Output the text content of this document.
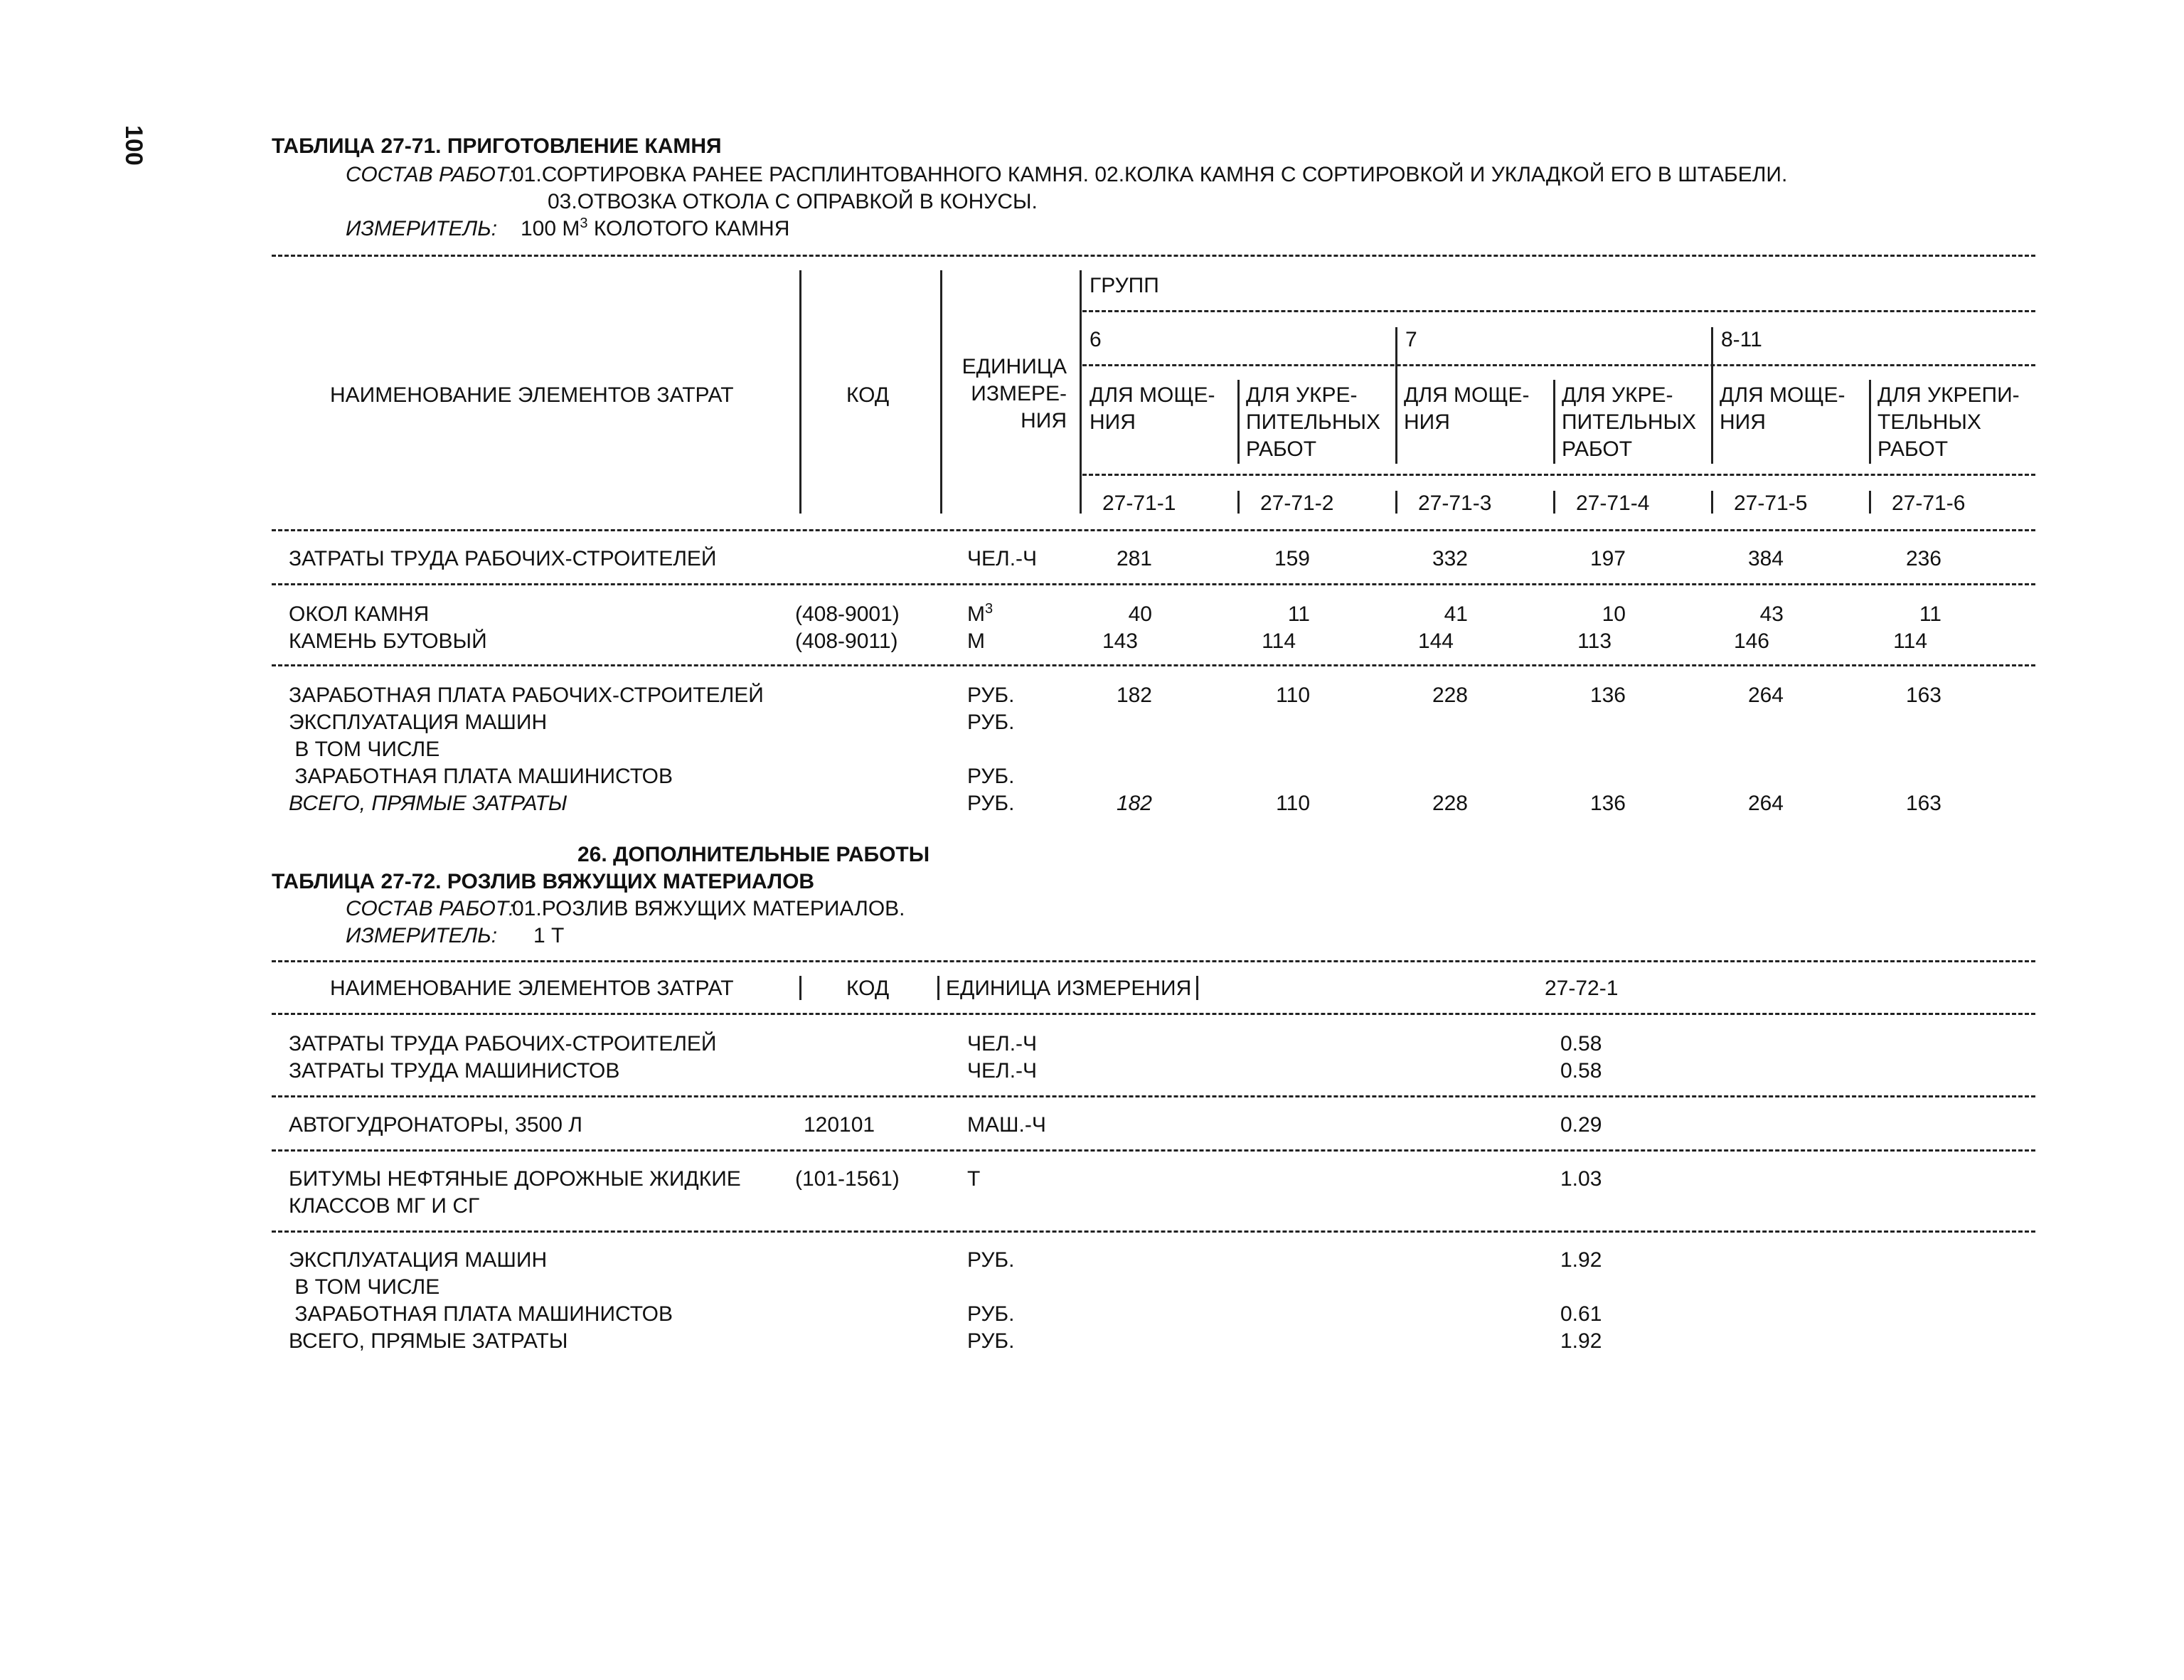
100	ТАБЛИЦА 27-71. ПРИГОТОВЛЕНИЕ КАМНЯ
СОСТАВ РАБОТ:
01.СОРТИРОВКА РАНЕЕ РАСПЛИНТОВАННОГО КАМНЯ. 02.КОЛКА КАМНЯ С СОРТИРОВКОЙ И УКЛАДКОЙ ЕГО В ШТАБЕЛИ.
03.ОТВОЗКА ОТКОЛА С ОПРАВКОЙ В КОНУСЫ.
ИЗМЕРИТЕЛЬ: 100 $М^3$ КОЛОТОГО КАМНЯ
НАИМЕНОВАНИЕ ЭЛЕМЕНТОВ ЗАТРАТ	КОД
ЕДИНИЦА
ИЗМЕРЕ-
НИЯ
ГРУПП
6	7	8-11
ДЛЯ МОЩЕ-
НИЯ
ДЛЯ УКРЕ-
ПИТЕЛЬНЫХ
РАБОТ
ДЛЯ МОЩЕ-
НИЯ
ДЛЯ УКРЕ-
ПИТЕЛЬНЫХ
РАБОТ
ДЛЯ МОЩЕ-
НИЯ
ДЛЯ УКРЕПИ-
ТЕЛЬНЫХ
РАБОТ
27-71-1	27-71-2	27-71-3	27-71-4	27-71-5	27-71-6
ЗАТРАТЫ ТРУДА РАБОЧИХ-СТРОИТЕЛЕЙ	ЧЕЛ.-Ч	281	159	332	197	384	236
ОКОЛ КАМНЯ	(408-9001)	$М^3$	40	11	41	10	43	11
КАМЕНЬ БУТОВЫЙ	(408-9011)	М	143	114	144	113	146	114
ЗАРАБОТНАЯ ПЛАТА РАБОЧИХ-СТРОИТЕЛЕЙ	РУБ.	182	110	228	136	264	163
ЭКСПЛУАТАЦИЯ МАШИН	РУБ.
В ТОМ ЧИСЛЕ
ЗАРАБОТНАЯ ПЛАТА МАШИНИСТОВ	РУБ.
ВСЕГО, ПРЯМЫЕ ЗАТРАТЫ	РУБ.	182	110	228	136	264	163
26. ДОПОЛНИТЕЛЬНЫЕ РАБОТЫ
ТАБЛИЦА 27-72. РОЗЛИВ ВЯЖУЩИХ МАТЕРИАЛОВ
СОСТАВ РАБОТ:
01.РОЗЛИВ ВЯЖУЩИХ МАТЕРИАЛОВ.
ИЗМЕРИТЕЛЬ: 1 Т
НАИМЕНОВАНИЕ ЭЛЕМЕНТОВ ЗАТРАТ	КОД	ЕДИНИЦА ИЗМЕРЕНИЯ	27-72-1
ЗАТРАТЫ ТРУДА РАБОЧИХ-СТРОИТЕЛЕЙ	ЧЕЛ.-Ч	0.58
ЗАТРАТЫ ТРУДА МАШИНИСТОВ	ЧЕЛ.-Ч	0.58
АВТОГУДРОНАТОРЫ, 3500 Л	120101	МАШ.-Ч	0.29
БИТУМЫ НЕФТЯНЫЕ ДОРОЖНЫЕ ЖИДКИЕ	(101-1561)	Т	1.03
КЛАССОВ МГ И СГ
ЭКСПЛУАТАЦИЯ МАШИН	РУБ.	1.92
В ТОМ ЧИСЛЕ
ЗАРАБОТНАЯ ПЛАТА МАШИНИСТОВ	РУБ.	0.61
ВСЕГО, ПРЯМЫЕ ЗАТРАТЫ	РУБ.	1.92
